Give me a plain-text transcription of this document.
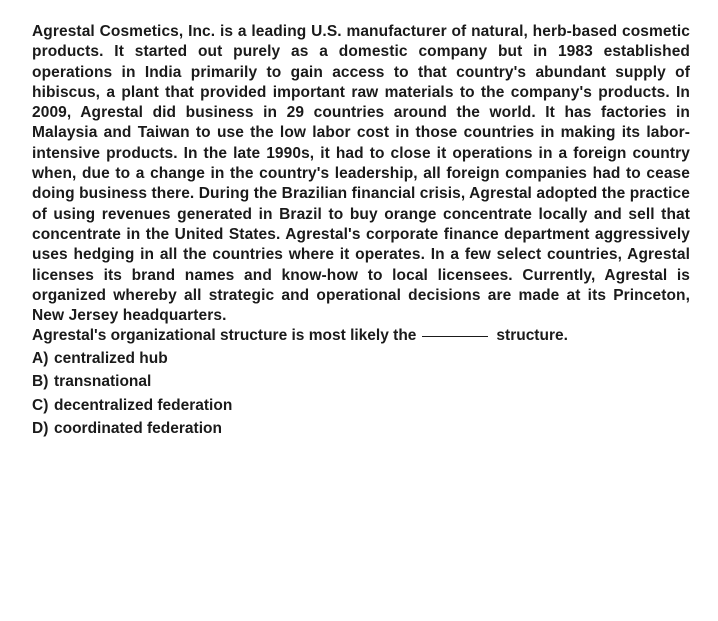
Agrestal Cosmetics, Inc. is a leading U.S. manufacturer of natural, herb-based cosmetic products. It started out purely as a domestic company but in 1983 established operations in India primarily to gain access to that country's abundant supply of hibiscus, a plant that provided important raw materials to the company's products. In 2009, Agrestal did business in 29 countries around the world. It has factories in Malaysia and Taiwan to use the low labor cost in those countries in making its labor-intensive products. In the late 1990s, it had to close it operations in a foreign country when, due to a change in the country's leadership, all foreign companies had to cease doing business there. During the Brazilian financial crisis, Agrestal adopted the practice of using revenues generated in Brazil to buy orange concentrate locally and sell that concentrate in the United States. Agrestal's corporate finance department aggressively uses hedging in all the countries where it operates. In a few select countries, Agrestal licenses its brand names and know-how to local licensees. Currently, Agrestal is organized whereby all strategic and operational decisions are made at its Princeton, New Jersey headquarters.

Agrestal's organizational structure is most likely the	structure.
A) centralized hub
B) transnational
C) decentralized federation
D) coordinated federation
